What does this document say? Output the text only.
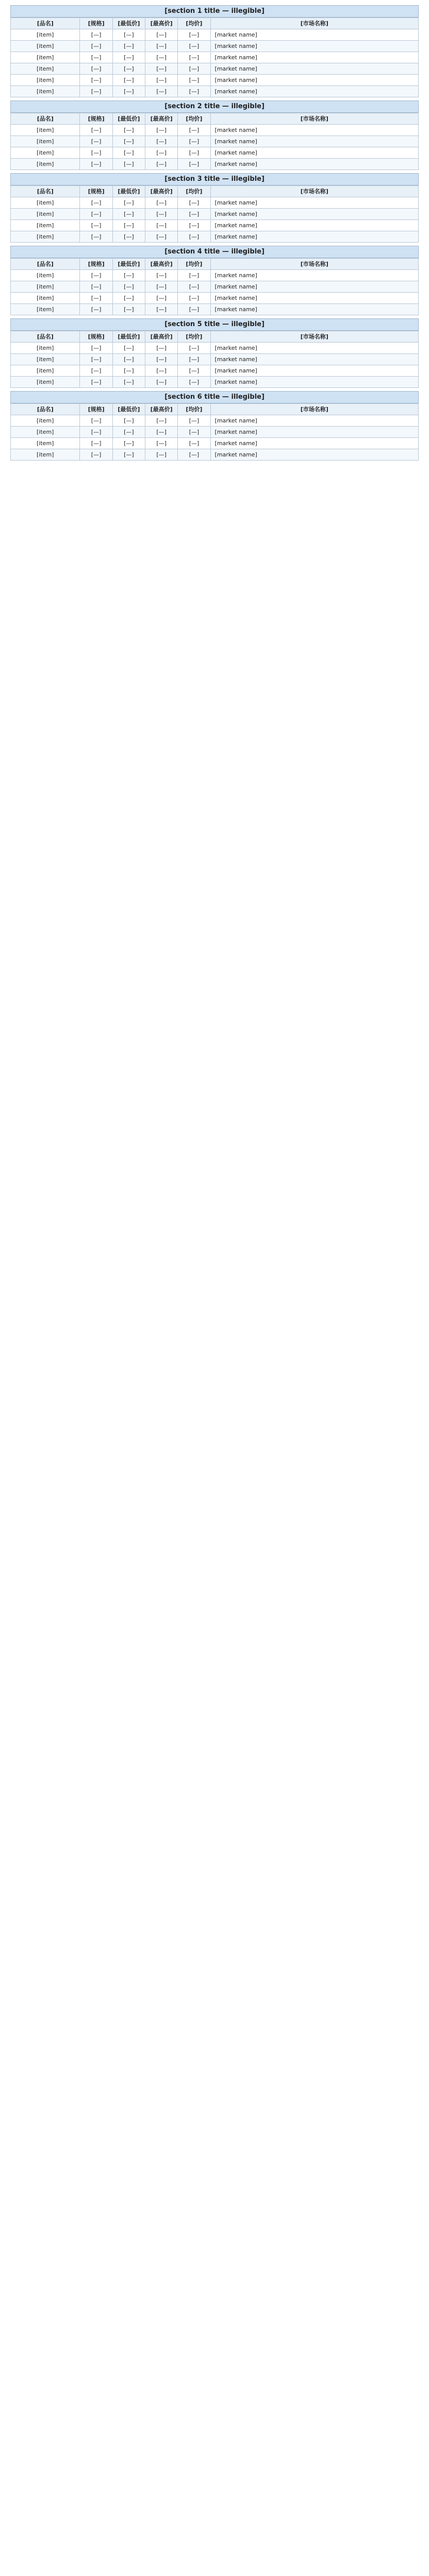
[section 1 title — illegible]
[品名]	[规格]	[最低价]	[最高价]	[均价]	[市场名称]
[item]	[—]	[—]	[—]	[—]	[market name]
[item]	[—]	[—]	[—]	[—]	[market name]
[item]	[—]	[—]	[—]	[—]	[market name]
[item]	[—]	[—]	[—]	[—]	[market name]
[item]	[—]	[—]	[—]	[—]	[market name]
[item]	[—]	[—]	[—]	[—]	[market name]
[section 2 title — illegible]
[品名]	[规格]	[最低价]	[最高价]	[均价]	[市场名称]
[item]	[—]	[—]	[—]	[—]	[market name]
[item]	[—]	[—]	[—]	[—]	[market name]
[item]	[—]	[—]	[—]	[—]	[market name]
[item]	[—]	[—]	[—]	[—]	[market name]
[section 3 title — illegible]
[品名]	[规格]	[最低价]	[最高价]	[均价]	[市场名称]
[item]	[—]	[—]	[—]	[—]	[market name]
[item]	[—]	[—]	[—]	[—]	[market name]
[item]	[—]	[—]	[—]	[—]	[market name]
[item]	[—]	[—]	[—]	[—]	[market name]
[section 4 title — illegible]
[品名]	[规格]	[最低价]	[最高价]	[均价]	[市场名称]
[item]	[—]	[—]	[—]	[—]	[market name]
[item]	[—]	[—]	[—]	[—]	[market name]
[item]	[—]	[—]	[—]	[—]	[market name]
[item]	[—]	[—]	[—]	[—]	[market name]
[section 5 title — illegible]
[品名]	[规格]	[最低价]	[最高价]	[均价]	[市场名称]
[item]	[—]	[—]	[—]	[—]	[market name]
[item]	[—]	[—]	[—]	[—]	[market name]
[item]	[—]	[—]	[—]	[—]	[market name]
[item]	[—]	[—]	[—]	[—]	[market name]
[section 6 title — illegible]
[品名]	[规格]	[最低价]	[最高价]	[均价]	[市场名称]
[item]	[—]	[—]	[—]	[—]	[market name]
[item]	[—]	[—]	[—]	[—]	[market name]
[item]	[—]	[—]	[—]	[—]	[market name]
[item]	[—]	[—]	[—]	[—]	[market name]
